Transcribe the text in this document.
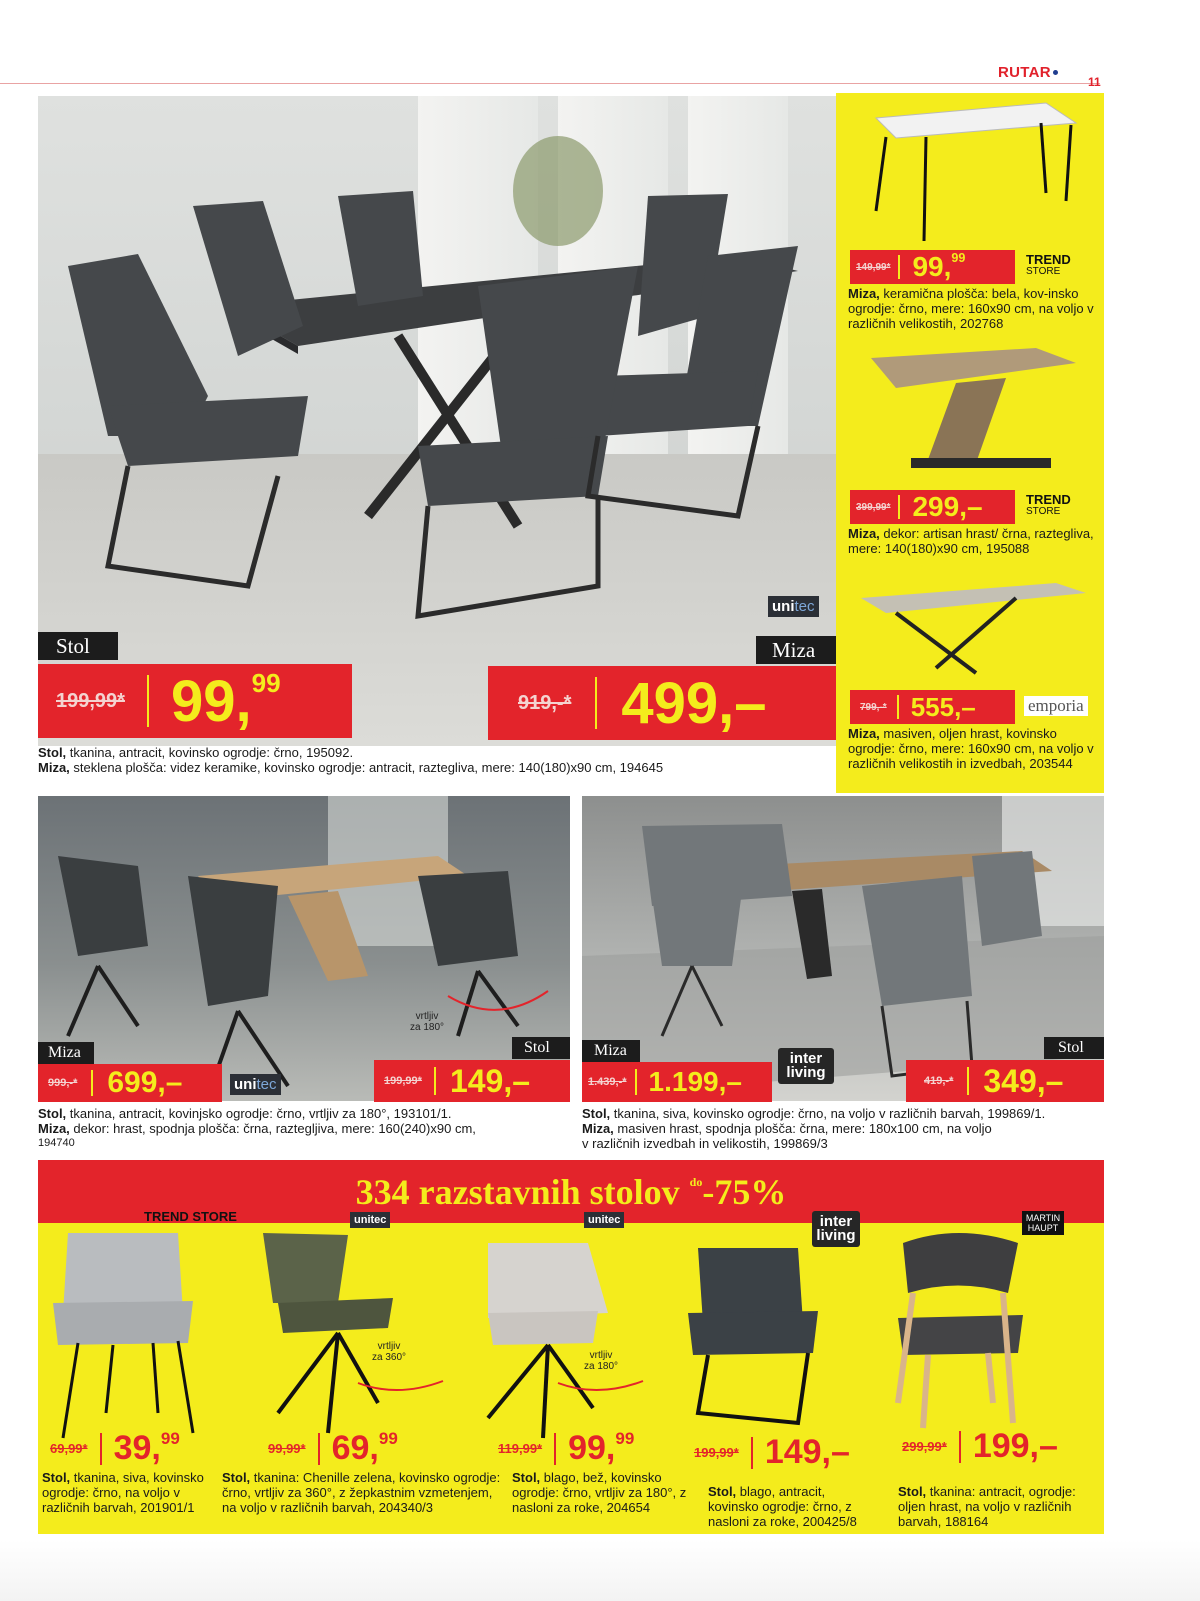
RUTAR
11
Stol
unitec
Miza
199,99* 99,99
919,-* 499,–
Stol, tkanina, antracit, kovinsko ogrodje: črno, 195092.
Miza, steklena plošča: videz keramike, kovinsko ogrodje: antracit, raztegliva, mere: 140(180)x90 cm, 194645
149,99* 99,99	TREND
STORE
Miza, keramična plošča: bela, kov-insko ogrodje: črno, mere: 160x90 cm, na voljo v različnih velikostih, 202768
399,99* 299,–	TREND
STORE
Miza, dekor: artisan hrast/ črna, raztegliva, mere: 140(180)x90 cm, 195088
799,-* 555,–	emporia
Miza, masiven, oljen hrast, kovinsko ogrodje: črno, mere: 160x90 cm, na voljo v različnih velikostih in izvedbah, 203544
vrtljiv
za 180°
Miza	Stol
999,-* 699,–	unitec	199,99* 149,–
Stol, tkanina, antracit, kovinjsko ogrodje: črno, vrtljiv za 180°, 193101/1.
Miza, dekor: hrast, spodnja plošča: črna, raztegljiva, mere: 160(240)x90 cm,
194740
Miza	Stol
1.439,-* 1.199,–
inter
living	419,-* 349,–
Stol, tkanina, siva, kovinsko ogrodje: črno, na voljo v različnih barvah, 199869/1.
Miza, masiven hrast, spodnja plošča: črna, mere: 180x100 cm, na voljo
v različnih izvedbah in velikostih, 199869/3
334 razstavnih stolov do -75%
TREND STORE	unitec	unitec	inter living
MARTIN HAUPT
vrtljiv
za 360°	vrtljiv
za 180°
69,99* 39,99
99,99* 69,99
119,99* 99,99
199,99* 149,–	299,99* 199,–
Stol, tkanina, siva, kovinsko ogrodje: črno, na voljo v različnih barvah, 201901/1
Stol, tkanina: Chenille zelena, kovinsko ogrodje: črno, vrtljiv za 360°, z žepkastnim vzmetenjem, na voljo v različnih barvah, 204340/3
Stol, blago, bež, kovinsko ogrodje: črno, vrtljiv za 180°, z nasloni za roke, 204654
Stol, blago, antracit, kovinsko ogrodje: črno, z nasloni za roke, 200425/8
Stol, tkanina: antracit, ogrodje: oljen hrast, na voljo v različnih barvah, 188164
